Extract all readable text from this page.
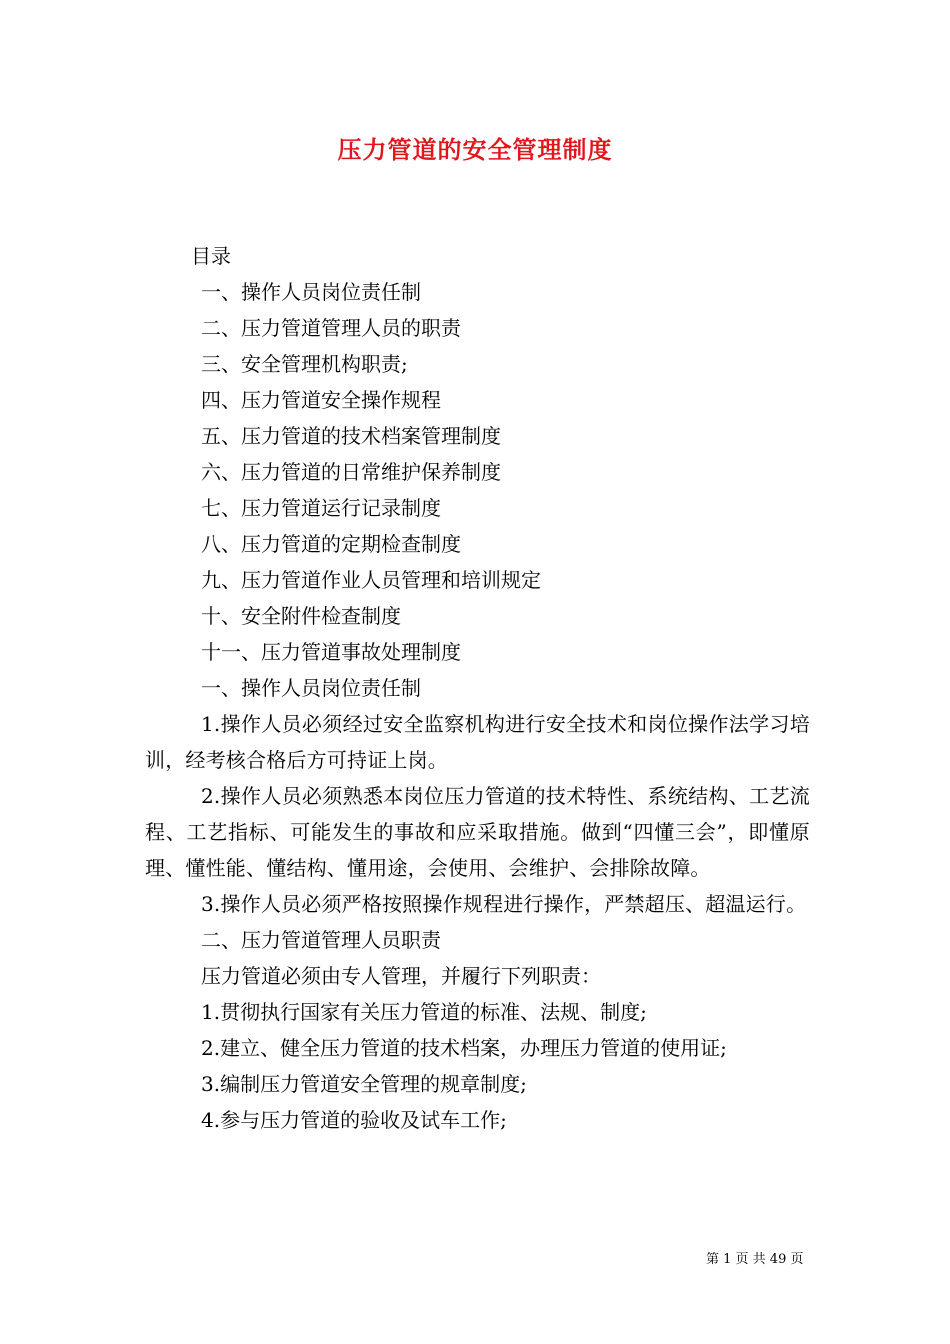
压力管道的安全管理制度
目录
一、操作人员岗位责任制
二、压力管道管理人员的职责
三、安全管理机构职责;
四、压力管道安全操作规程
五、压力管道的技术档案管理制度
六、压力管道的日常维护保养制度
七、压力管道运行记录制度
八、压力管道的定期检查制度
九、压力管道作业人员管理和培训规定
十、安全附件检查制度
十一、压力管道事故处理制度
一、操作人员岗位责任制
1.操作人员必须经过安全监察机构进行安全技术和岗位操作法学习培训，经考核合格后方可持证上岗。
2.操作人员必须熟悉本岗位压力管道的技术特性、系统结构、工艺流程、工艺指标、可能发生的事故和应采取措施。做到“四懂三会”，即懂原理、懂性能、懂结构、懂用途，会使用、会维护、会排除故障。
3.操作人员必须严格按照操作规程进行操作，严禁超压、超温运行。
二、压力管道管理人员职责
压力管道必须由专人管理，并履行下列职责：
1.贯彻执行国家有关压力管道的标准、法规、制度;
2.建立、健全压力管道的技术档案，办理压力管道的使用证;
3.编制压力管道安全管理的规章制度;
4.参与压力管道的验收及试车工作;
第 1 页 共 49 页
